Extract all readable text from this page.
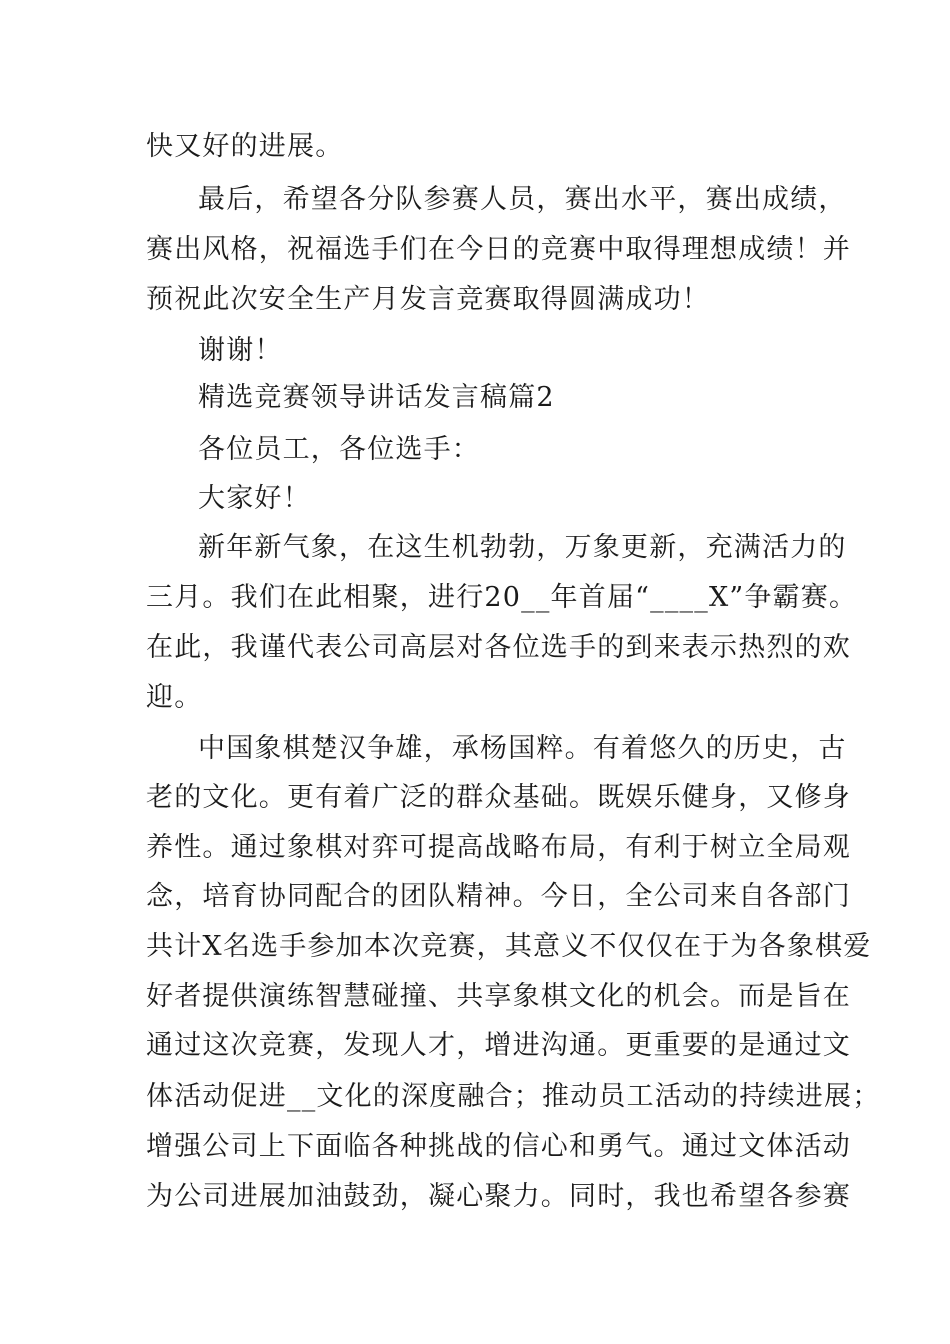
快又好的进展。

最后，希望各分队参赛人员，赛出水平，赛出成绩，

赛出风格，祝福选手们在今日的竞赛中取得理想成绩！并

预祝此次安全生产月发言竞赛取得圆满成功！

谢谢！

精选竞赛领导讲话发言稿篇2

各位员工，各位选手：

大家好！

新年新气象，在这生机勃勃，万象更新，充满活力的

三月。我们在此相聚，进行20__年首届“____X”争霸赛。

在此，我谨代表公司高层对各位选手的到来表示热烈的欢

迎。

中国象棋楚汉争雄，承杨国粹。有着悠久的历史，古

老的文化。更有着广泛的群众基础。既娱乐健身，又修身

养性。通过象棋对弈可提高战略布局，有利于树立全局观

念，培育协同配合的团队精神。今日，全公司来自各部门

共计X名选手参加本次竞赛，其意义不仅仅在于为各象棋爱

好者提供演练智慧碰撞、共享象棋文化的机会。而是旨在

通过这次竞赛，发现人才，增进沟通。更重要的是通过文

体活动促进__文化的深度融合；推动员工活动的持续进展；

增强公司上下面临各种挑战的信心和勇气。通过文体活动

为公司进展加油鼓劲，凝心聚力。同时，我也希望各参赛
